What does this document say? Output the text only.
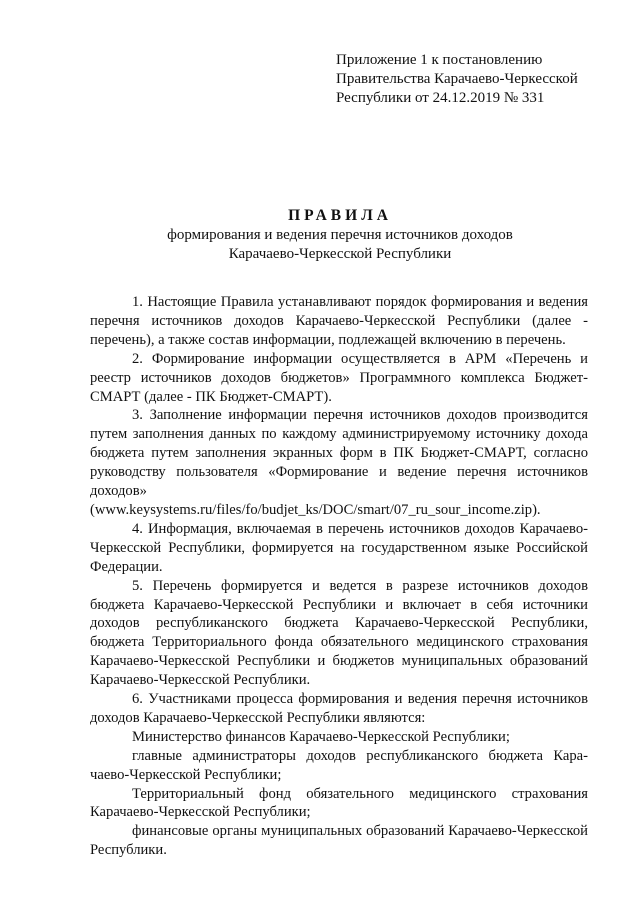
Приложение 1 к постановлению
Правительства Карачаево-Черкесской
Республики от 24.12.2019 № 331
ПРАВИЛА
формирования и ведения перечня источников доходов
Карачаево-Черкесской Республики

1. Настоящие Правила устанавливают порядок формирования и ведения перечня источников доходов Карачаево-Черкесской Республики (далее - перечень), а также состав информации, подлежащей включению в перечень.

2. Формирование информации осуществляется в АРМ «Перечень и реестр источников доходов бюджетов» Программного комплекса Бюджет-СМАРТ (далее - ПК Бюджет-СМАРТ).

3. Заполнение информации перечня источников доходов производится путем заполнения данных по каждому администрируемому источнику дохода бюджета путем заполнения экранных форм в ПК Бюджет-СМАРТ, согласно руководству пользователя «Формирование и ведение перечня источников доходов» (www.keysystems.ru/files/fo/budjet_ks/DOC/smart/07_ru_sour_income.zip).

4. Информация, включаемая в перечень источников доходов Карачаево-Черкесской Республики, формируется на государственном языке Российской Федерации.

5. Перечень формируется и ведется в разрезе источников доходов бюджета Карачаево-Черкесской Республики и включает в себя источники доходов республиканского бюджета Карачаево-Черкесской Республики, бюджета Территориального фонда обязательного медицинского страхования Карачаево-Черкесской Республики и бюджетов муниципальных образований Карачаево-Черкесской Республики.

6. Участниками процесса формирования и ведения перечня источников доходов Карачаево-Черкесской Республики являются:

Министерство финансов Карачаево-Черкесской Республики;

главные администраторы доходов республиканского бюджета Карачаево-Черкесской Республики;

Территориальный фонд обязательного медицинского страхования Карачаево-Черкесской Республики;

финансовые органы муниципальных образований Карачаево-Черкесской Республики.
